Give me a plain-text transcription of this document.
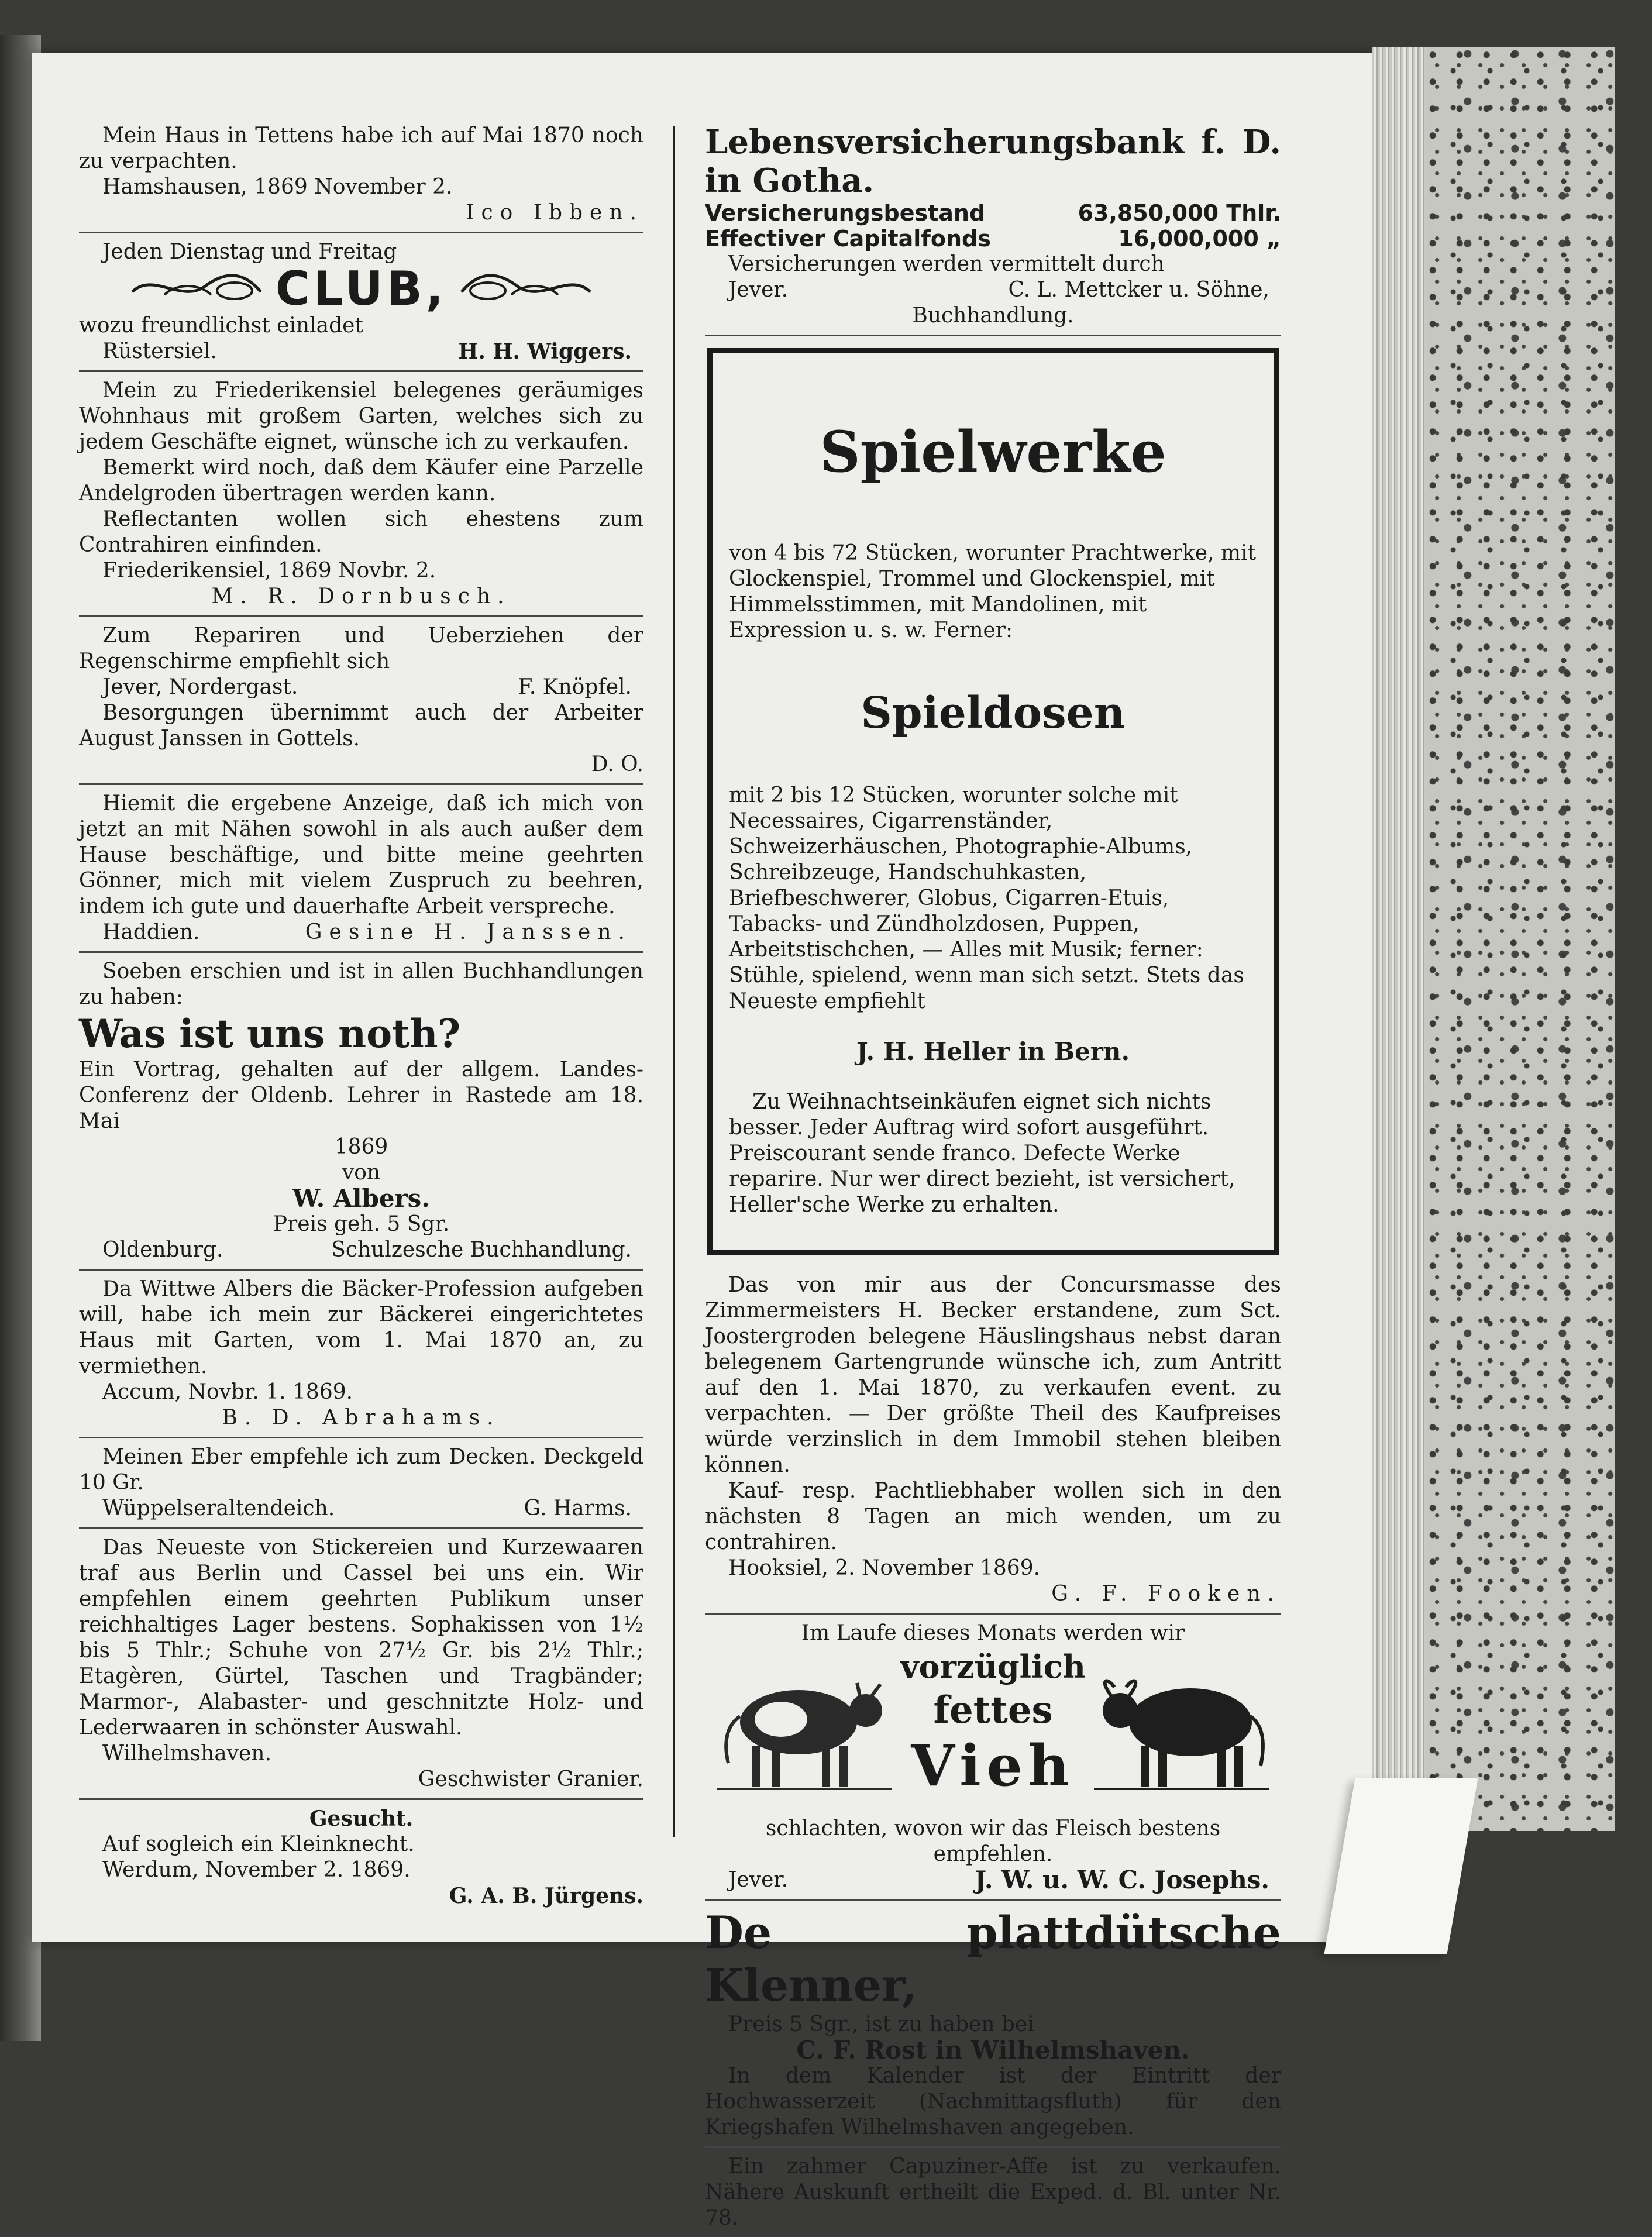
Mein Haus in Tettens habe ich auf Mai 1870 noch zu verpachten.

Hamshausen, 1869 November 2.

Ico Ibben.

Jeden Dienstag und Freitag

CLUB,

wozu freundlichst einladet

Rüstersiel.	H. H. Wiggers.

Mein zu Friederikensiel belegenes geräumiges Wohnhaus mit großem Garten, welches sich zu jedem Geschäfte eignet, wünsche ich zu verkaufen.

Bemerkt wird noch, daß dem Käufer eine Parzelle Andelgroden übertragen werden kann.

Reflectanten wollen sich ehestens zum Contrahiren einfinden.

Friederikensiel, 1869 Novbr. 2.

M. R. Dornbusch.

Zum Repariren und Ueberziehen der Regenschirme empfiehlt sich

Jever, Nordergast.	F. Knöpfel.

Besorgungen übernimmt auch der Arbeiter August Janssen in Gottels.

D. O.

Hiemit die ergebene Anzeige, daß ich mich von jetzt an mit Nähen sowohl in als auch außer dem Hause beschäftige, und bitte meine geehrten Gönner, mich mit vielem Zuspruch zu beehren, indem ich gute und dauerhafte Arbeit verspreche.

Haddien.	Gesine H. Janssen.

Soeben erschien und ist in allen Buchhandlungen zu haben:

Was ist uns noth?

Ein Vortrag, gehalten auf der allgem. Landes-Conferenz der Oldenb. Lehrer in Rastede am 18. Mai

1869

von

W. Albers.

Preis geh. 5 Sgr.

Oldenburg.	Schulzesche Buchhandlung.

Da Wittwe Albers die Bäcker-Profession aufgeben will, habe ich mein zur Bäckerei eingerichtetes Haus mit Garten, vom 1. Mai 1870 an, zu vermiethen.

Accum, Novbr. 1. 1869.

B. D. Abrahams.

Meinen Eber empfehle ich zum Decken. Deckgeld 10 Gr.

Wüppelseraltendeich.	G. Harms.

Das Neueste von Stickereien und Kurzewaaren traf aus Berlin und Cassel bei uns ein. Wir empfehlen einem geehrten Publikum unser reichhaltiges Lager bestens. Sophakissen von 1½ bis 5 Thlr.; Schuhe von 27½ Gr. bis 2½ Thlr.; Etagèren, Gürtel, Taschen und Tragbänder; Marmor-, Alabaster- und geschnitzte Holz- und Lederwaaren in schönster Auswahl.

Wilhelmshaven.

Geschwister Granier.

Gesucht.

Auf sogleich ein Kleinknecht.

Werdum, November 2. 1869.

G. A. B. Jürgens.

Lebensversicherungsbank f. D. in Gotha.

Versicherungsbestand	63,850,000 Thlr.
Effectiver Capitalfonds	16,000,000 „

Versicherungen werden vermittelt durch

Jever.	C. L. Mettcker u. Söhne,

Buchhandlung.

Spielwerke

von 4 bis 72 Stücken, worunter Prachtwerke, mit Glockenspiel, Trommel und Glockenspiel, mit Himmelsstimmen, mit Mandolinen, mit Expression u. s. w. Ferner:

Spieldosen

mit 2 bis 12 Stücken, worunter solche mit Necessaires, Cigarrenständer, Schweizerhäuschen, Photographie-Albums, Schreibzeuge, Handschuhkasten, Briefbeschwerer, Globus, Cigarren-Etuis, Tabacks- und Zündholzdosen, Puppen, Arbeitstischchen, — Alles mit Musik; ferner: Stühle, spielend, wenn man sich setzt. Stets das Neueste empfiehlt

J. H. Heller in Bern.

Zu Weihnachtseinkäufen eignet sich nichts besser. Jeder Auftrag wird sofort ausgeführt. Preiscourant sende franco. Defecte Werke reparire. Nur wer direct bezieht, ist versichert, Heller'sche Werke zu erhalten.

Das von mir aus der Concursmasse des Zimmermeisters H. Becker erstandene, zum Sct. Joostergroden belegene Häuslingshaus nebst daran belegenem Gartengrunde wünsche ich, zum Antritt auf den 1. Mai 1870, zu verkaufen event. zu verpachten. — Der größte Theil des Kaufpreises würde verzinslich in dem Immobil stehen bleiben können.

Kauf- resp. Pachtliebhaber wollen sich in den nächsten 8 Tagen an mich wenden, um zu contrahiren.

Hooksiel, 2. November 1869.

G. F. Fooken.

Im Laufe dieses Monats werden wir

vorzüglich
fettes
Vieh

schlachten, wovon wir das Fleisch bestens empfehlen.

Jever.	J. W. u. W. C. Josephs.

De plattdütsche Klenner,

Preis 5 Sgr., ist zu haben bei

C. F. Rost in Wilhelmshaven.

In dem Kalender ist der Eintritt der Hochwasserzeit (Nachmittagsfluth) für den Kriegshafen Wilhelmshaven angegeben.

Ein zahmer Capuziner-Affe ist zu verkaufen. Nähere Auskunft ertheilt die Exped. d. Bl. unter Nr. 78.
